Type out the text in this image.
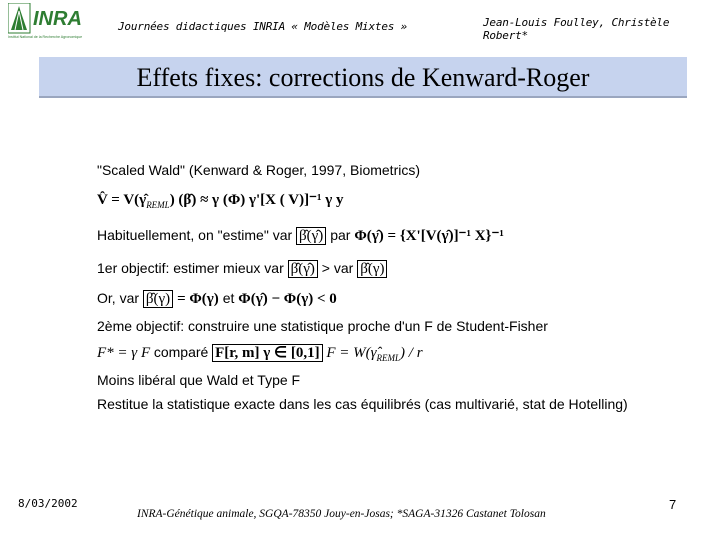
INRA
Institut National de la Recherche Agronomique
Journées didactiques INRIA « Modèles Mixtes »	Jean-Louis Foulley, Christèle Robert*
Effets fixes: corrections de Kenward-Roger
"Scaled Wald" (Kenward & Roger, 1997, Biometrics)
V̂ = $V(\gammâ_{REML})$ (β̂) ≈ γ (Φ) γ'[X ( V)]⁻¹ γ y
Habituellement, on "estime" var β̂(γ̂) par Φ(γ̂) = {X'[V(γ̂)]⁻¹ X}⁻¹
1er objectif: estimer mieux var β̂(γ̂) > var β̂(γ)
Or, var β̂(γ) = Φ(γ) et Φ(γ̂) − Φ(γ) < 0
2ème objectif: construire une statistique proche d'un F de Student-Fisher
F* = γ F comparé F[r, m] γ ∈ [0,1] $F = W(\gammâ_{REML}) / r$
Moins libéral que Wald et Type F
Restitue la statistique exacte dans les cas équilibrés (cas multivarié, stat de Hotelling)
8/03/2002
INRA-Génétique animale, SGQA-78350 Jouy-en-Josas; *SAGA-31326 Castanet Tolosan
7
